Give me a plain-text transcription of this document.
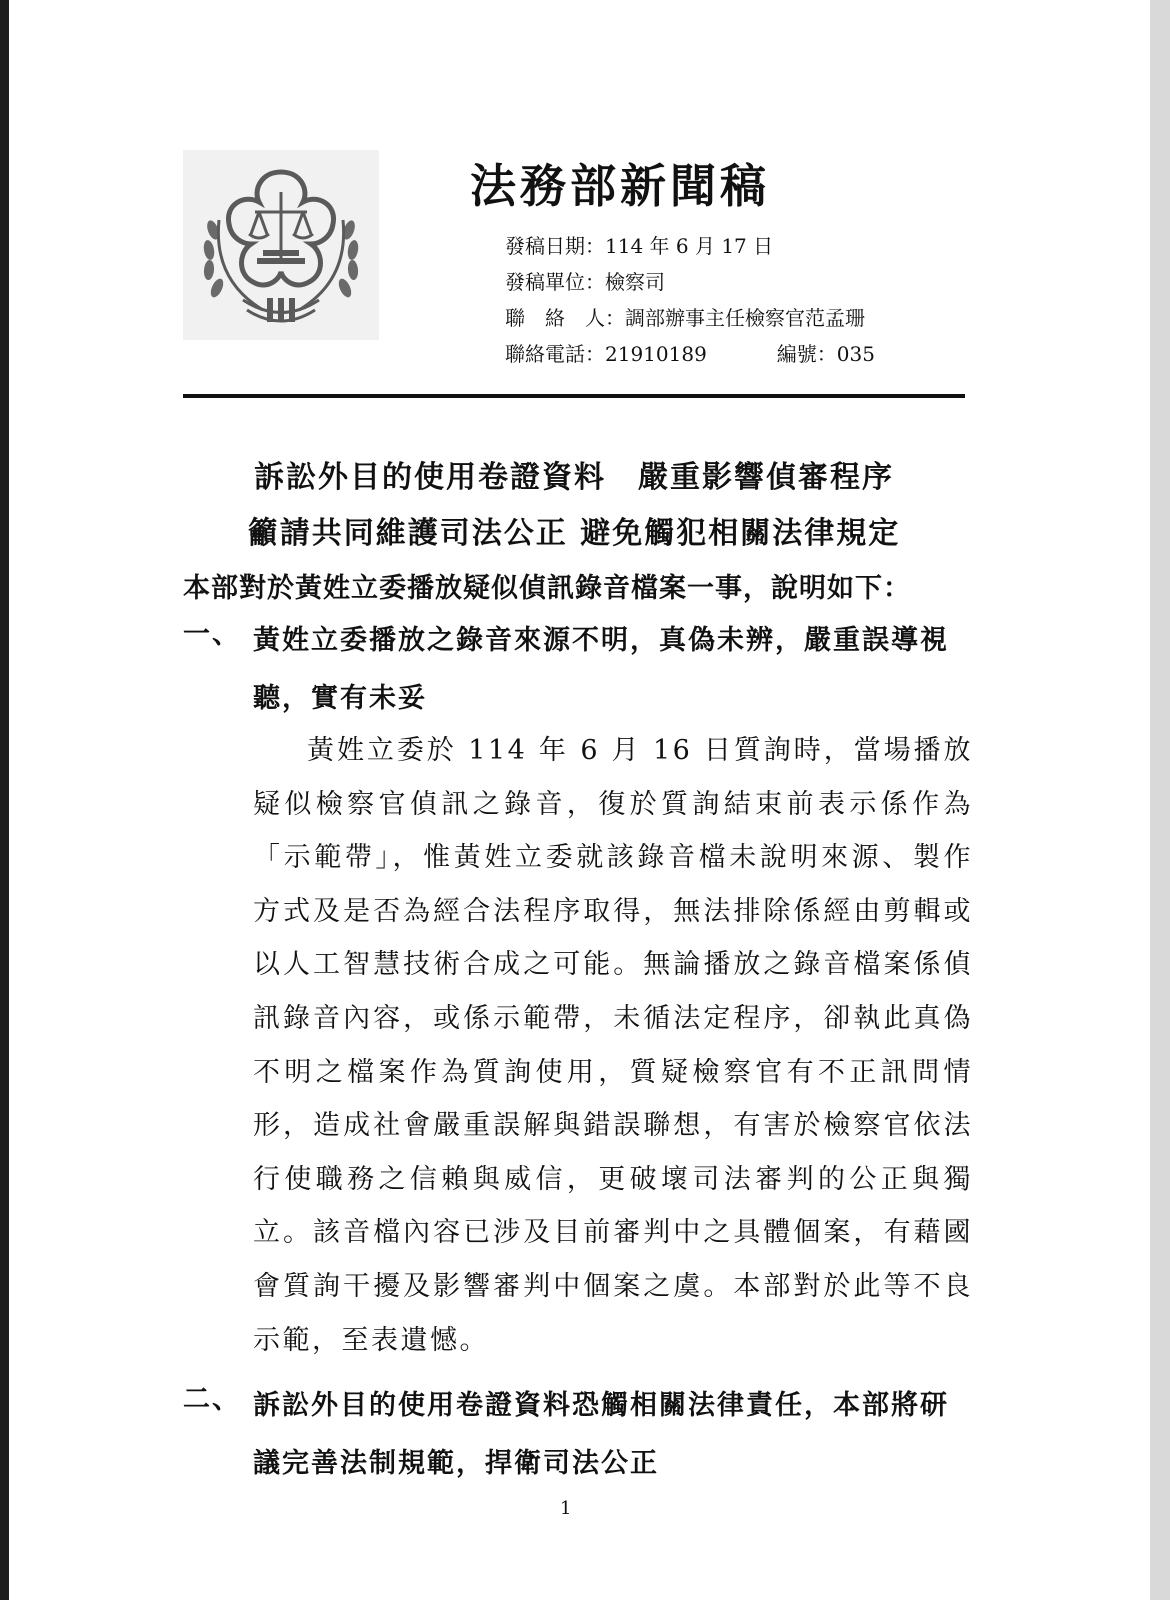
法務部新聞稿
發稿日期：114 年 6 月 17 日
發稿單位：檢察司
聯　絡　人：調部辦事主任檢察官范孟珊
聯絡電話：21910189	編號：035
訴訟外目的使用卷證資料　嚴重影響偵審程序
籲請共同維護司法公正 避免觸犯相關法律規定

本部對於黃姓立委播放疑似偵訊錄音檔案一事，說明如下：

一、 黃姓立委播放之錄音來源不明，真偽未辨，嚴重誤導視聽，實有未妥

黃姓立委於 114 年 6 月 16 日質詢時，當場播放疑似檢察官偵訊之錄音，復於質詢結束前表示係作為「示範帶」，惟黃姓立委就該錄音檔未說明來源、製作方式及是否為經合法程序取得，無法排除係經由剪輯或以人工智慧技術合成之可能。無論播放之錄音檔案係偵訊錄音內容，或係示範帶，未循法定程序，卻執此真偽不明之檔案作為質詢使用，質疑檢察官有不正訊問情形，造成社會嚴重誤解與錯誤聯想，有害於檢察官依法行使職務之信賴與威信，更破壞司法審判的公正與獨立。該音檔內容已涉及目前審判中之具體個案，有藉國會質詢干擾及影響審判中個案之虞。本部對於此等不良示範，至表遺憾。

二、 訴訟外目的使用卷證資料恐觸相關法律責任，本部將研議完善法制規範，捍衛司法公正
1
